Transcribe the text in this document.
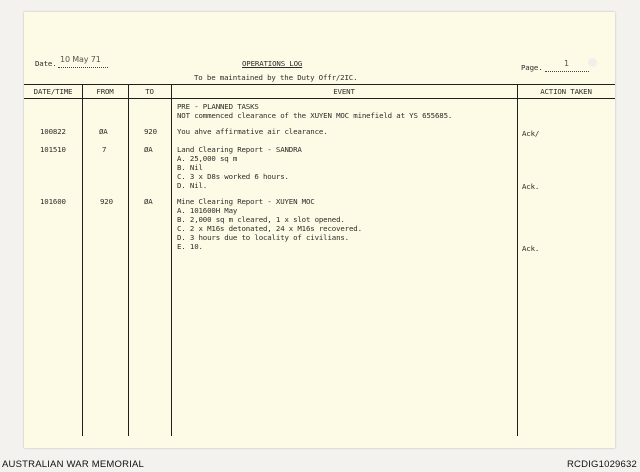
Date. 10 May 71	OPERATIONS LOG
To be maintained by the Duty Offr/2IC.
Page.	1
DATE/TIME	FROM	TO	EVENT	ACTION TAKEN
PRE - PLANNED TASKS
NOT commenced clearance of the XUYEN MOC minefield at YS 655685.
100822	ØA	920	You ahve affirmative air clearance.	Ack/
101510	7	ØA	Land Clearing Report - SANDRA
A. 25,000 sq m
B. Nil
C. 3 x D8s worked 6 hours.
D. Nil.	Ack.
101600	920	ØA	Mine Clearing Report - XUYEN MOC
A. 101600H May
B. 2,000 sq m cleared, 1 x slot opened.
C. 2 x M16s detonated, 24 x M16s recovered.
D. 3 hours due to locality of civilians.
E. 10.	Ack.
AUSTRALIAN WAR MEMORIAL	RCDIG1029632
